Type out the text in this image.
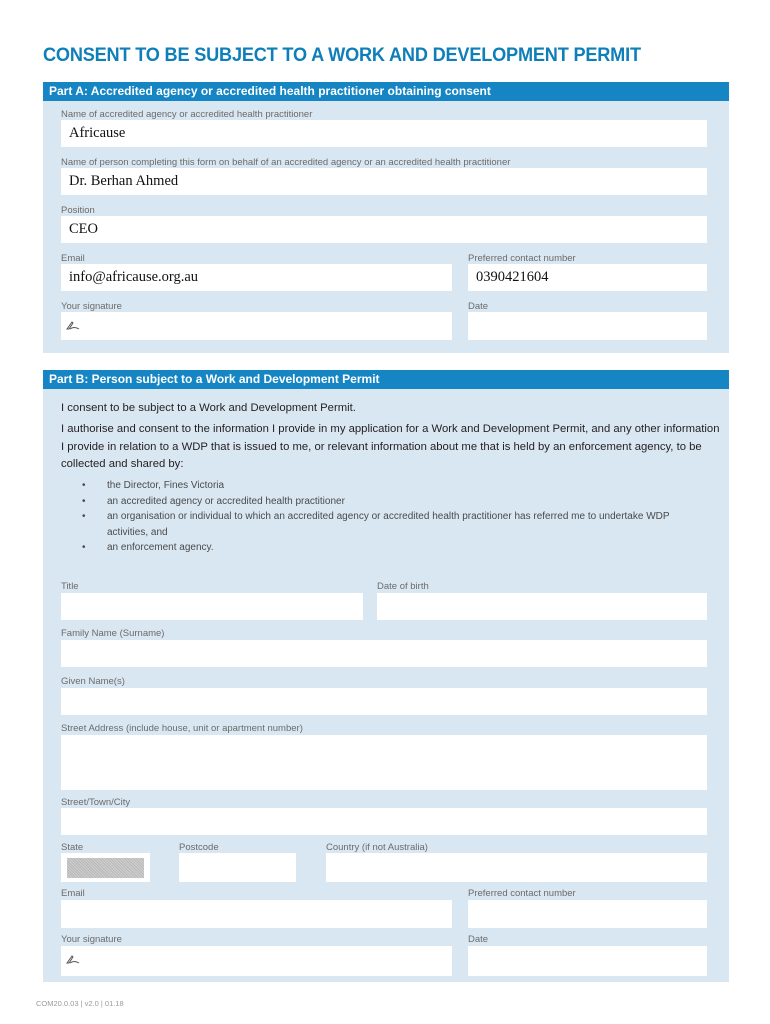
CONSENT TO BE SUBJECT TO A WORK AND DEVELOPMENT PERMIT
Part A: Accredited agency or accredited health practitioner obtaining consent
Name of accredited agency or accredited health practitioner
Africause
Name of person completing this form on behalf of an accredited agency or an accredited health practitioner
Dr. Berhan Ahmed
Position
CEO
Email
info@africause.org.au
Preferred contact number
0390421604
Your signature	Date
Part B: Person subject to a Work and Development Permit
I consent to be subject to a Work and Development Permit.
I authorise and consent to the information I provide in my application for a Work and Development Permit, and any other information I provide in relation to a WDP that is issued to me, or relevant information about me that is held by an enforcement agency, to be collected and shared by:
• the Director, Fines Victoria
• an accredited agency or accredited health practitioner
• an organisation or individual to which an accredited agency or accredited health practitioner has referred me to undertake WDP activities, and
• an enforcement agency.
Title	Date of birth
Family Name (Surname)
Given Name(s)
Street Address (include house, unit or apartment number)
Street/Town/City
State	Postcode	Country (if not Australia)
Email	Preferred contact number
Your signature	Date
COM20.0.03 | v2.0 | 01.18
